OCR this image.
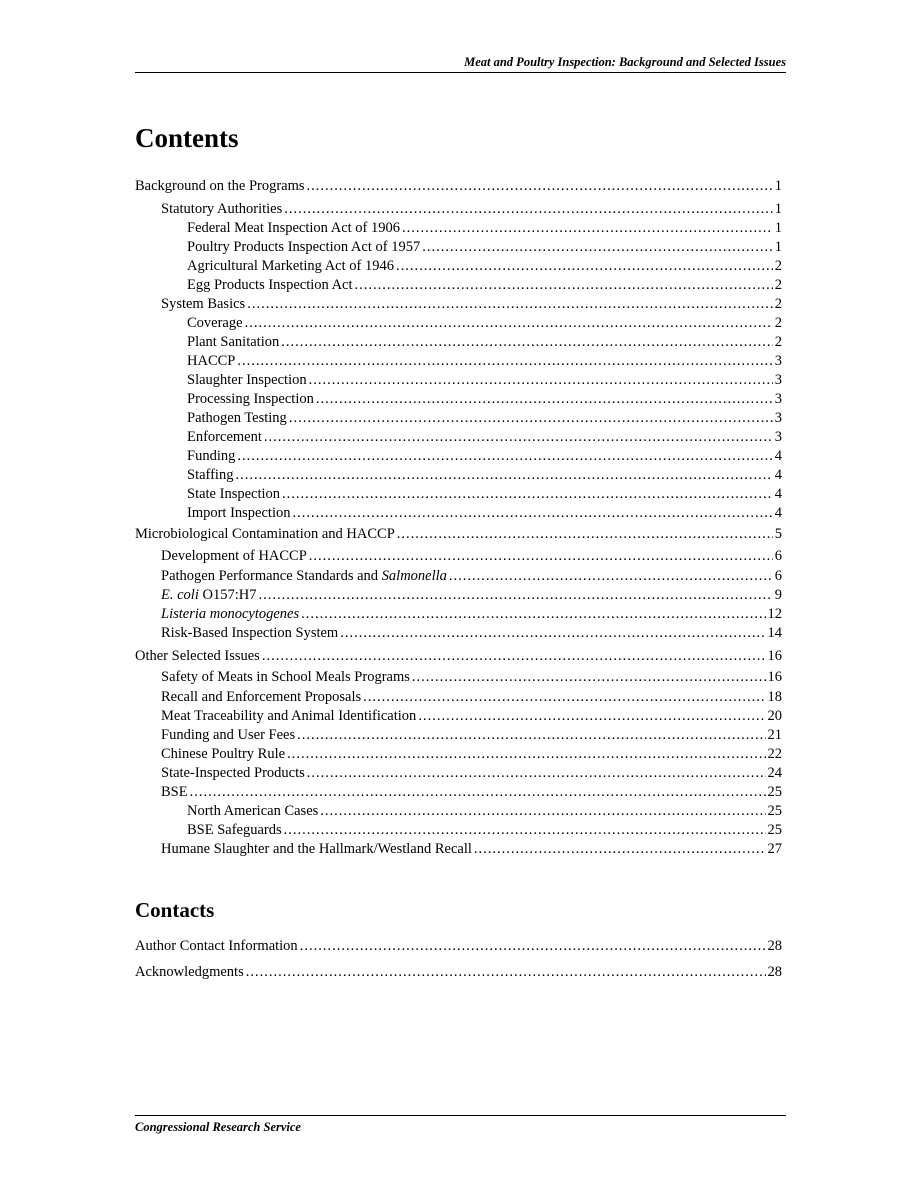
Meat and Poultry Inspection: Background and Selected Issues
Contents
Background on the Programs .....	1
Statutory Authorities .....	1
Federal Meat Inspection Act of 1906 .....	1
Poultry Products Inspection Act of 1957 .....	1
Agricultural Marketing Act of 1946 .....	2
Egg Products Inspection Act .....	2
System Basics .....	2
Coverage .....	2
Plant Sanitation .....	2
HACCP .....	3
Slaughter Inspection .....	3
Processing Inspection .....	3
Pathogen Testing .....	3
Enforcement .....	3
Funding .....	4
Staffing .....	4
State Inspection .....	4
Import Inspection .....	4
Microbiological Contamination and HACCP .....	5
Development of HACCP .....	6
Pathogen Performance Standards and Salmonella .....	6
E. coli O157:H7 .....	9
Listeria monocytogenes .....	12
Risk-Based Inspection System .....	14
Other Selected Issues .....	16
Safety of Meats in School Meals Programs .....	16
Recall and Enforcement Proposals .....	18
Meat Traceability and Animal Identification .....	20
Funding and User Fees .....	21
Chinese Poultry Rule .....	22
State-Inspected Products .....	24
BSE .....	25
North American Cases .....	25
BSE Safeguards .....	25
Humane Slaughter and the Hallmark/Westland Recall .....	27
Contacts
Author Contact Information .....	28
Acknowledgments .....	28
Congressional Research Service
